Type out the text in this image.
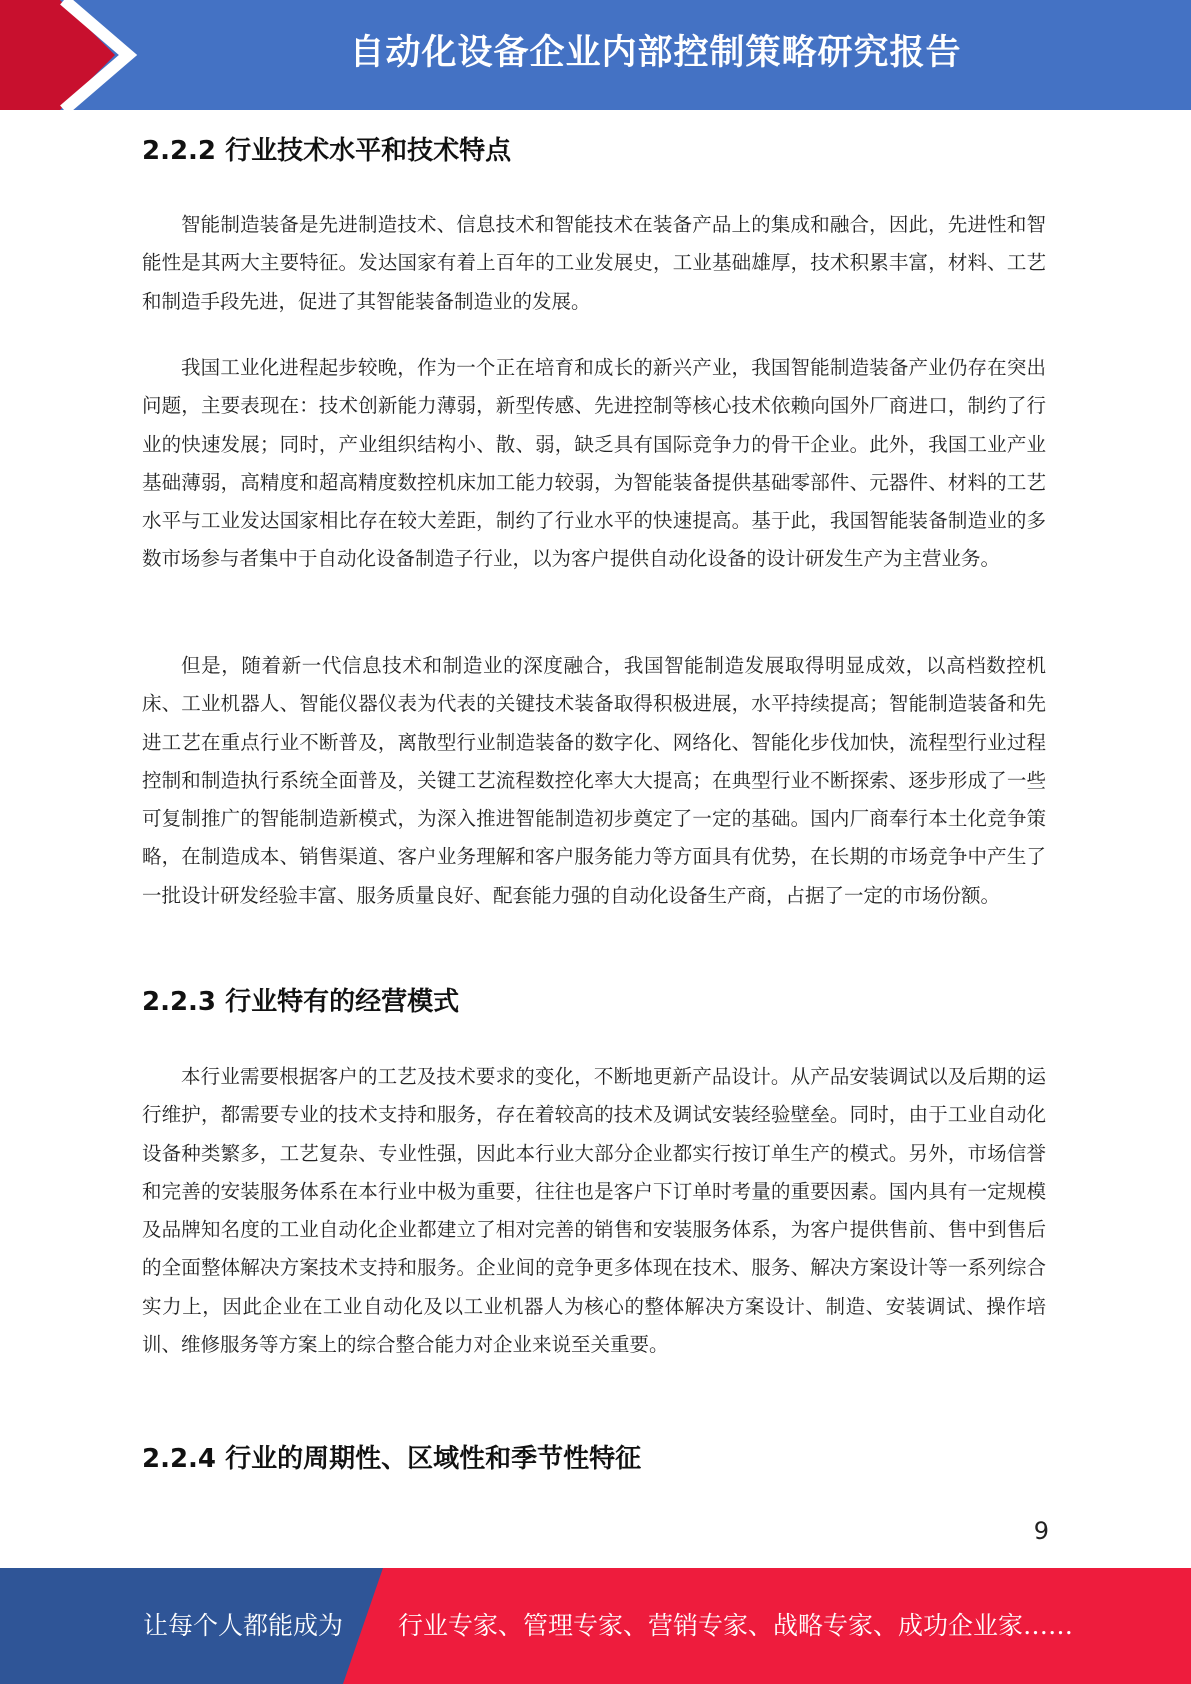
自动化设备企业内部控制策略研究报告
2.2.2 行业技术水平和技术特点

智能制造装备是先进制造技术、信息技术和智能技术在装备产品上的集成和融合，因此，先进性和智能性是其两大主要特征。发达国家有着上百年的工业发展史，工业基础雄厚，技术积累丰富，材料、工艺和制造手段先进，促进了其智能装备制造业的发展。

我国工业化进程起步较晚，作为一个正在培育和成长的新兴产业，我国智能制造装备产业仍存在突出问题，主要表现在：技术创新能力薄弱，新型传感、先进控制等核心技术依赖向国外厂商进口，制约了行业的快速发展；同时，产业组织结构小、散、弱，缺乏具有国际竞争力的骨干企业。此外，我国工业产业基础薄弱，高精度和超高精度数控机床加工能力较弱，为智能装备提供基础零部件、元器件、材料的工艺水平与工业发达国家相比存在较大差距，制约了行业水平的快速提高。基于此，我国智能装备制造业的多数市场参与者集中于自动化设备制造子行业，以为客户提供自动化设备的设计研发生产为主营业务。

但是，随着新一代信息技术和制造业的深度融合，我国智能制造发展取得明显成效，以高档数控机床、工业机器人、智能仪器仪表为代表的关键技术装备取得积极进展，水平持续提高；智能制造装备和先进工艺在重点行业不断普及，离散型行业制造装备的数字化、网络化、智能化步伐加快，流程型行业过程控制和制造执行系统全面普及，关键工艺流程数控化率大大提高；在典型行业不断探索、逐步形成了一些可复制推广的智能制造新模式，为深入推进智能制造初步奠定了一定的基础。国内厂商奉行本土化竞争策略，在制造成本、销售渠道、客户业务理解和客户服务能力等方面具有优势，在长期的市场竞争中产生了一批设计研发经验丰富、服务质量良好、配套能力强的自动化设备生产商，占据了一定的市场份额。

2.2.3 行业特有的经营模式

本行业需要根据客户的工艺及技术要求的变化，不断地更新产品设计。从产品安装调试以及后期的运行维护，都需要专业的技术支持和服务，存在着较高的技术及调试安装经验壁垒。同时，由于工业自动化设备种类繁多，工艺复杂、专业性强，因此本行业大部分企业都实行按订单生产的模式。另外，市场信誉和完善的安装服务体系在本行业中极为重要，往往也是客户下订单时考量的重要因素。国内具有一定规模及品牌知名度的工业自动化企业都建立了相对完善的销售和安装服务体系，为客户提供售前、售中到售后的全面整体解决方案技术支持和服务。企业间的竞争更多体现在技术、服务、解决方案设计等一系列综合实力上，因此企业在工业自动化及以工业机器人为核心的整体解决方案设计、制造、安装调试、操作培训、维修服务等方案上的综合整合能力对企业来说至关重要。

2.2.4 行业的周期性、区域性和季节性特征
9
让每个人都能成为 行业专家、管理专家、营销专家、战略专家、成功企业家……
